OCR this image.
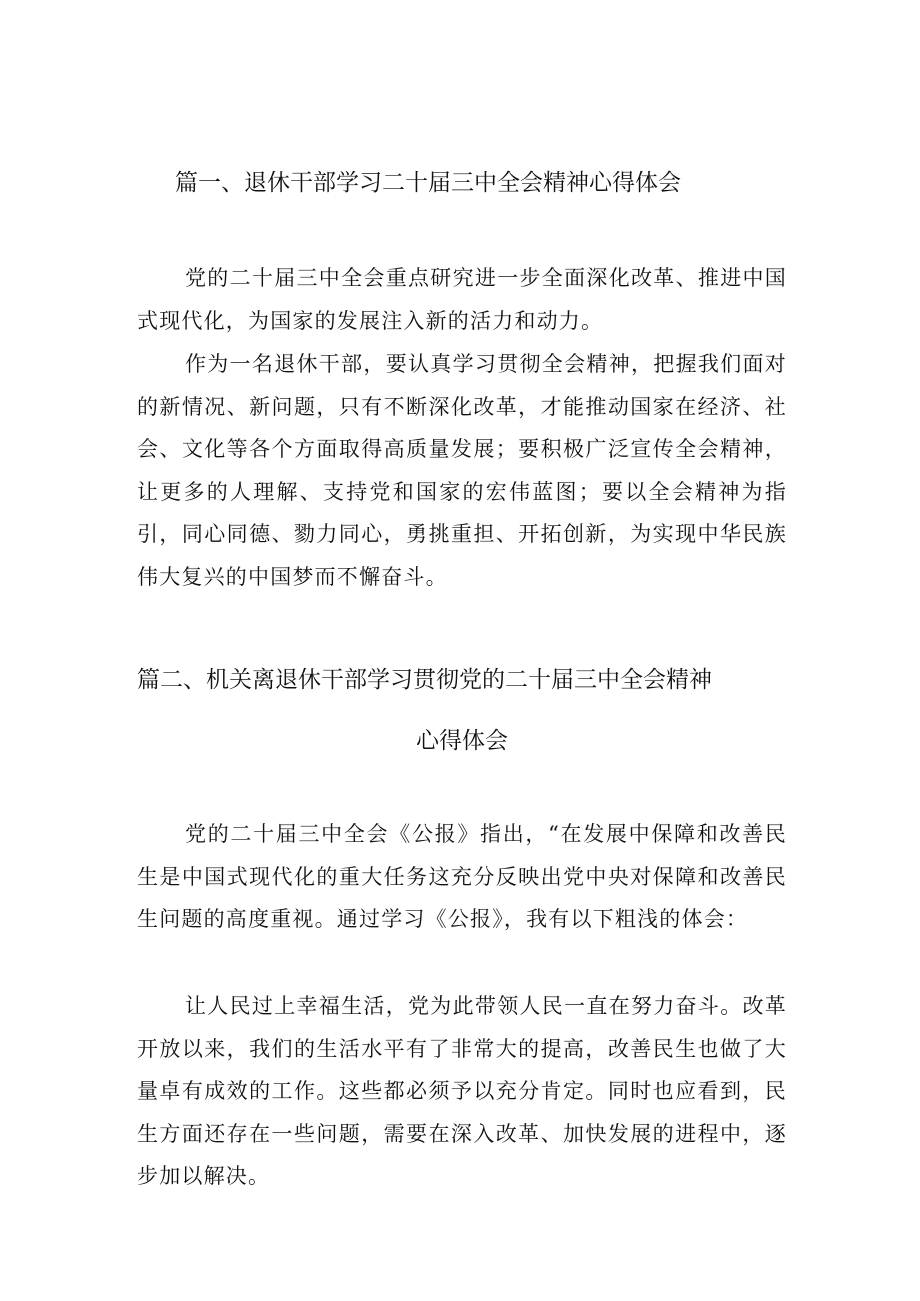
篇一、退休干部学习二十届三中全会精神心得体会

党的二十届三中全会重点研究进一步全面深化改革、推进中国式现代化，为国家的发展注入新的活力和动力。

作为一名退休干部，要认真学习贯彻全会精神，把握我们面对的新情况、新问题，只有不断深化改革，才能推动国家在经济、社会、文化等各个方面取得高质量发展；要积极广泛宣传全会精神，让更多的人理解、支持党和国家的宏伟蓝图；要以全会精神为指引，同心同德、勠力同心，勇挑重担、开拓创新，为实现中华民族伟大复兴的中国梦而不懈奋斗。

篇二、机关离退休干部学习贯彻党的二十届三中全会精神
心得体会

党的二十届三中全会《公报》指出，“在发展中保障和改善民生是中国式现代化的重大任务这充分反映出党中央对保障和改善民生问题的高度重视。通过学习《公报》，我有以下粗浅的体会：

让人民过上幸福生活，党为此带领人民一直在努力奋斗。改革开放以来，我们的生活水平有了非常大的提高，改善民生也做了大量卓有成效的工作。这些都必须予以充分肯定。同时也应看到，民生方面还存在一些问题，需要在深入改革、加快发展的进程中，逐步加以解决。
